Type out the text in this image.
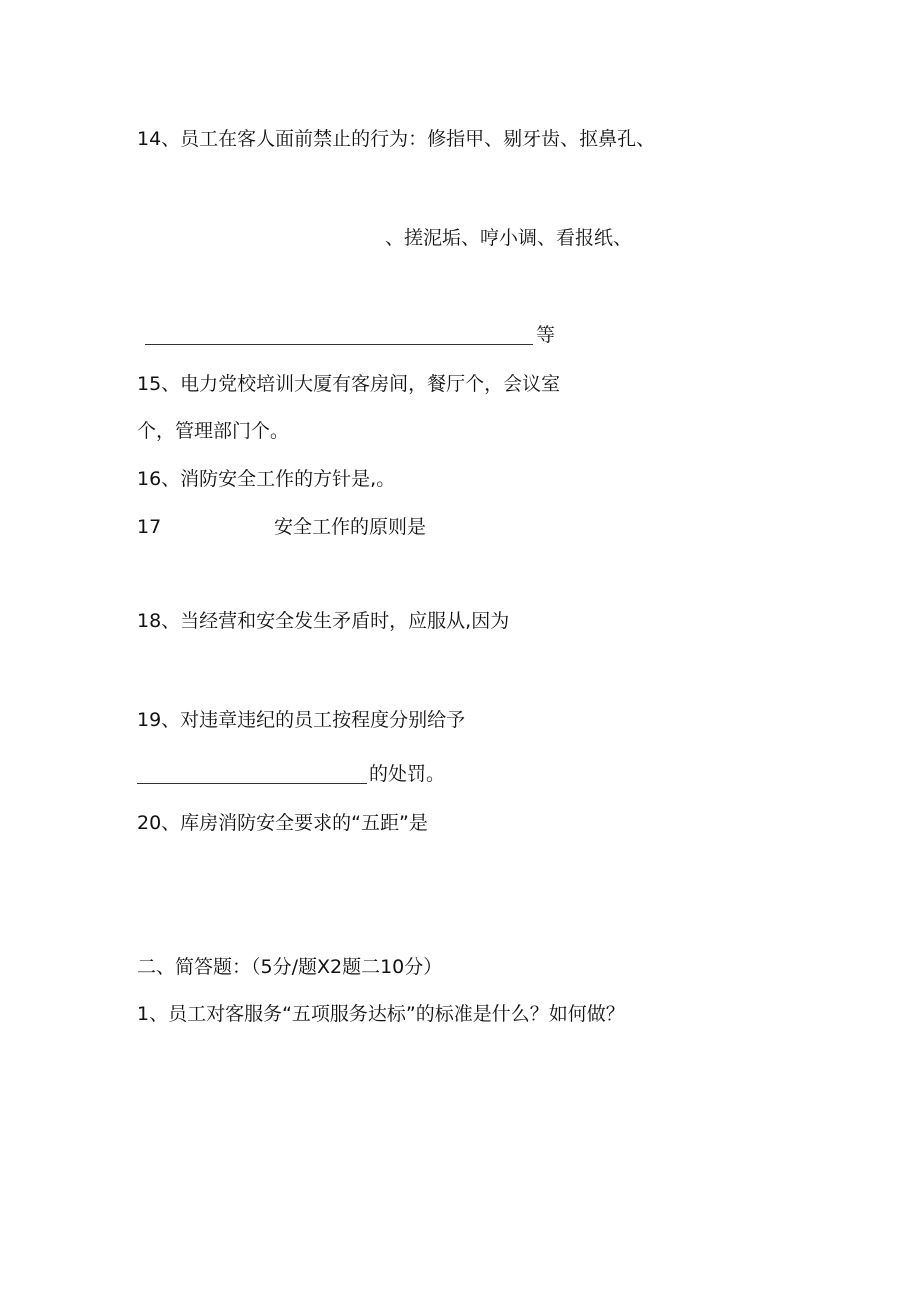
14、员工在客人面前禁止的行为：修指甲、剔牙齿、抠鼻孔、
、搓泥垢、哼小调、看报纸、
等
15、电力党校培训大厦有客房间，餐厅个，会议室
个，管理部门个。
16、消防安全工作的方针是,。
17	安全工作的原则是
18、当经营和安全发生矛盾时，应服从,因为
19、对违章违纪的员工按程度分别给予
的处罚。
20、库房消防安全要求的“五距”是
二、简答题：（5分/题X2题二10分）
1、员工对客服务“五项服务达标”的标准是什么？如何做？
